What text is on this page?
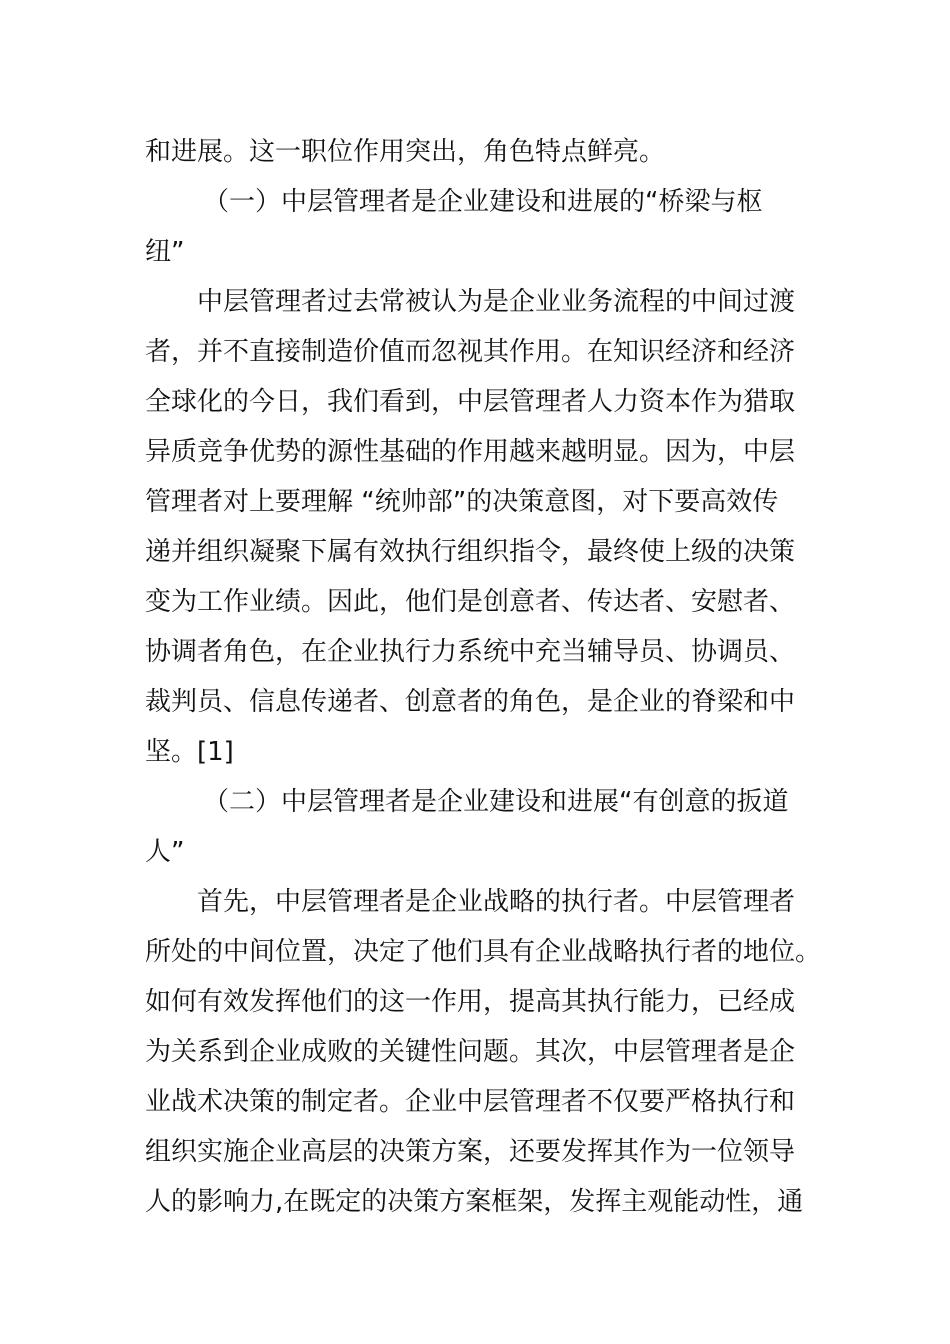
和进展。这一职位作用突出，角色特点鲜亮。
（一）中层管理者是企业建设和进展的“桥梁与枢
纽”
中层管理者过去常被认为是企业业务流程的中间过渡
者，并不直接制造价值而忽视其作用。在知识经济和经济
全球化的今日，我们看到，中层管理者人力资本作为猎取
异质竞争优势的源性基础的作用越来越明显。因为，中层
管理者对上要理解 “统帅部”的决策意图，对下要高效传
递并组织凝聚下属有效执行组织指令，最终使上级的决策
变为工作业绩。因此，他们是创意者、传达者、安慰者、
协调者角色，在企业执行力系统中充当辅导员、协调员、
裁判员、信息传递者、创意者的角色，是企业的脊梁和中
坚。[1]
（二）中层管理者是企业建设和进展“有创意的扳道
人”
首先，中层管理者是企业战略的执行者。中层管理者
所处的中间位置，决定了他们具有企业战略执行者的地位。
如何有效发挥他们的这一作用，提高其执行能力，已经成
为关系到企业成败的关键性问题。其次，中层管理者是企
业战术决策的制定者。企业中层管理者不仅要严格执行和
组织实施企业高层的决策方案，还要发挥其作为一位领导
人的影响力,在既定的决策方案框架，发挥主观能动性，通
